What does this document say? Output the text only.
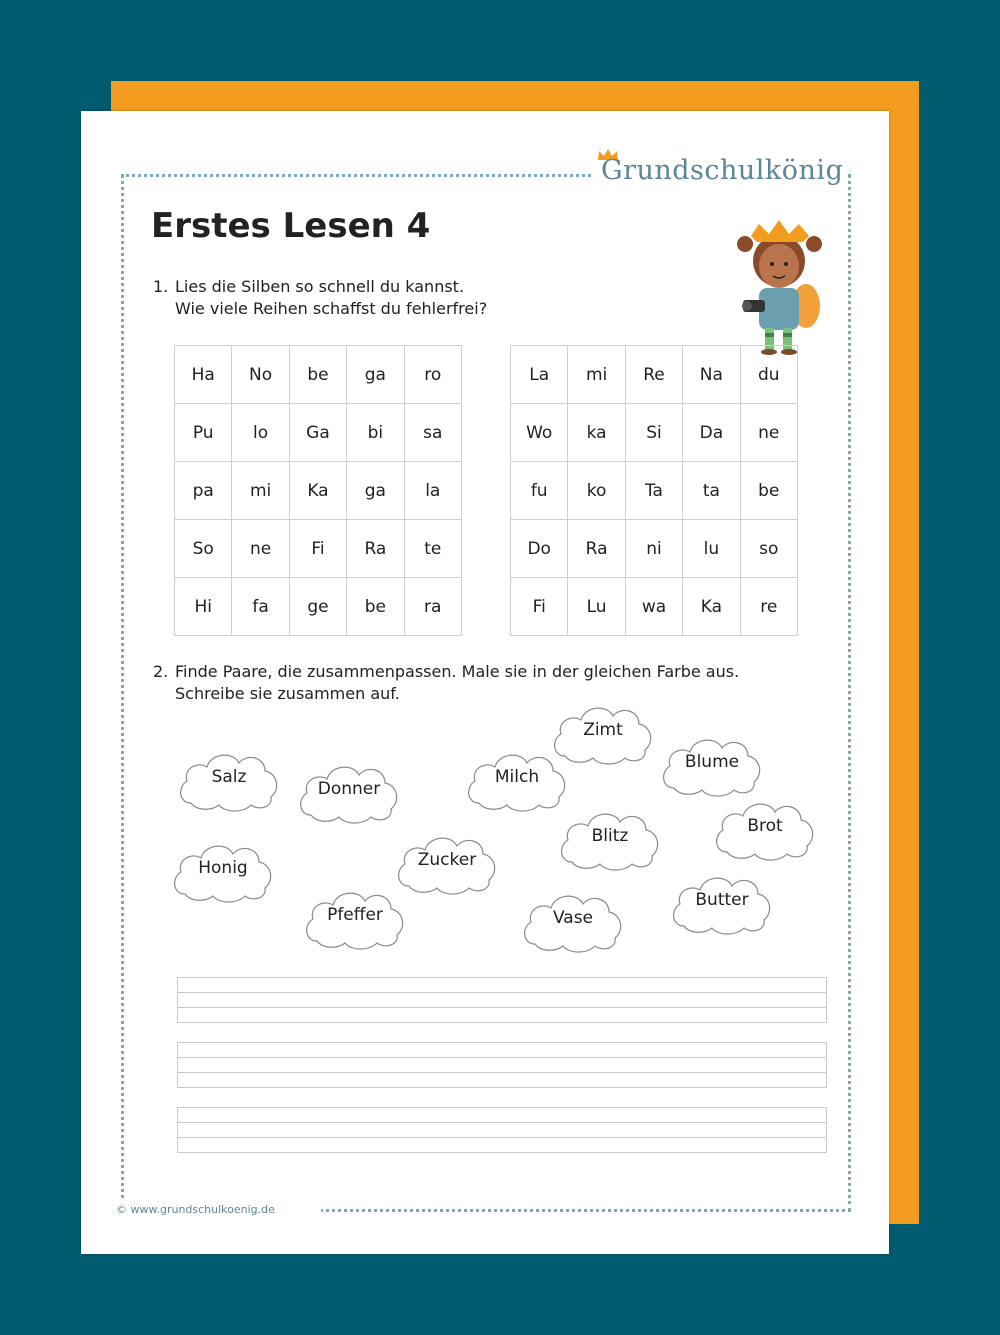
Grundschulkönig
Erstes Lesen 4
1. Lies die Silben so schnell du kannst.
Wie viele Reihen schaffst du fehlerfrei?
Ha	No	be	ga	ro
Pu	lo	Ga	bi	sa
pa	mi	Ka	ga	la
So	ne	Fi	Ra	te
Hi	fa	ge	be	ra
La	mi	Re	Na	du
Wo	ka	Si	Da	ne
fu	ko	Ta	ta	be
Do	Ra	ni	lu	so
Fi	Lu	wa	Ka	re
2. Finde Paare, die zusammenpassen. Male sie in der gleichen Farbe aus.
Schreibe sie zusammen auf.
Salz
Donner
Milch
Zimt
Blume
Brot
Blitz
Zucker
Honig
Pfeffer	Vase
Butter
© www.grundschulkoenig.de
